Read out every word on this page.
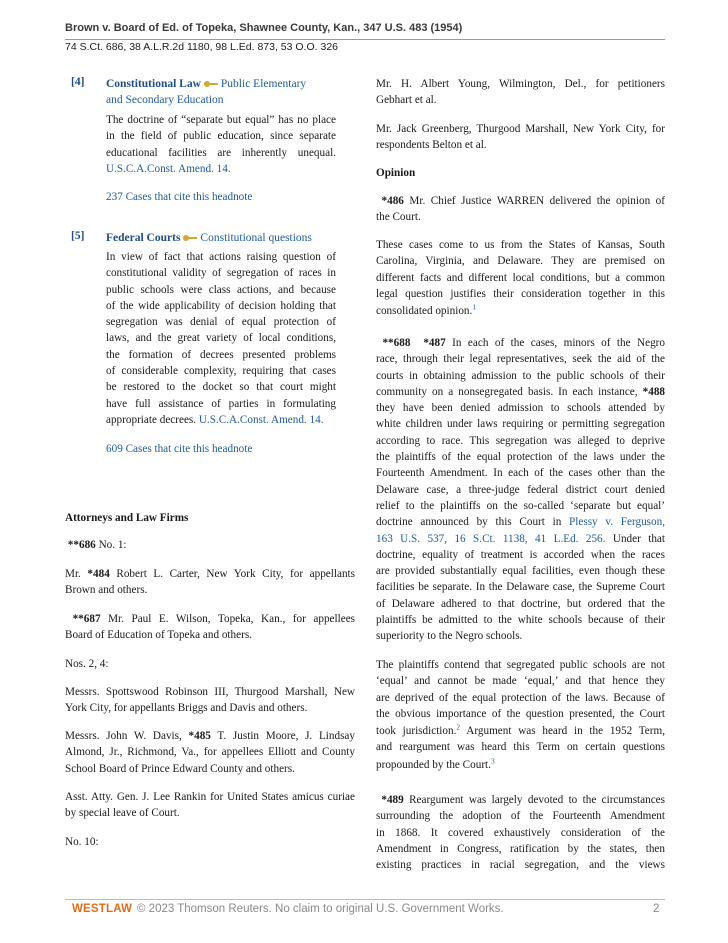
Brown v. Board of Ed. of Topeka, Shawnee County, Kan., 347 U.S. 483 (1954)
74 S.Ct. 686, 38 A.L.R.2d 1180, 98 L.Ed. 873, 53 O.O. 326
[4] Constitutional Law Public Elementary
and Secondary Education
The doctrine of “separate but equal” has no place
in the field of public education, since separate
educational facilities are inherently unequal.
U.S.C.A.Const. Amend. 14.
237 Cases that cite this headnote
[5] Federal Courts Constitutional questions
In view of fact that actions raising question of
constitutional validity of segregation of races in
public schools were class actions, and because
of the wide applicability of decision holding that
segregation was denial of equal protection of
laws, and the great variety of local conditions,
the formation of decrees presented problems
of considerable complexity, requiring that cases
be restored to the docket so that court might
have full assistance of parties in formulating
appropriate decrees. U.S.C.A.Const. Amend. 14.
609 Cases that cite this headnote
Attorneys and Law Firms
**686 No. 1:
Mr. *484 Robert L. Carter, New York City, for appellants
Brown and others.
**687 Mr. Paul E. Wilson, Topeka, Kan., for appellees
Board of Education of Topeka and others.
Nos. 2, 4:
Messrs. Spottswood Robinson III, Thurgood Marshall, New
York City, for appellants Briggs and Davis and others.
Messrs. John W. Davis, *485 T. Justin Moore, J. Lindsay
Almond, Jr., Richmond, Va., for appellees Elliott and County
School Board of Prince Edward County and others.
Asst. Atty. Gen. J. Lee Rankin for United States amicus curiae
by special leave of Court.
No. 10:
Mr. H. Albert Young, Wilmington, Del., for petitioners
Gebhart et al.
Mr. Jack Greenberg, Thurgood Marshall, New York City, for
respondents Belton et al.
Opinion
*486 Mr. Chief Justice WARREN delivered the opinion of
the Court.
These cases come to us from the States of Kansas, South
Carolina, Virginia, and Delaware. They are premised on
different facts and different local conditions, but a common
legal question justifies their consideration together in this
consolidated opinion.$^1$
**688 *487 In each of the cases, minors of the Negro
race, through their legal representatives, seek the aid of the
courts in obtaining admission to the public schools of their
community on a nonsegregated basis. In each instance, *488
they have been denied admission to schools attended by
white children under laws requiring or permitting segregation
according to race. This segregation was alleged to deprive
the plaintiffs of the equal protection of the laws under the
Fourteenth Amendment. In each of the cases other than the
Delaware case, a three-judge federal district court denied
relief to the plaintiffs on the so-called ‘separate but equal’
doctrine announced by this Court in Plessy v. Ferguson,
163 U.S. 537, 16 S.Ct. 1138, 41 L.Ed. 256. Under that
doctrine, equality of treatment is accorded when the races
are provided substantially equal facilities, even though these
facilities be separate. In the Delaware case, the Supreme Court
of Delaware adhered to that doctrine, but ordered that the
plaintiffs be admitted to the white schools because of their
superiority to the Negro schools.
The plaintiffs contend that segregated public schools are not
‘equal’ and cannot be made ‘equal,’ and that hence they
are deprived of the equal protection of the laws. Because of
the obvious importance of the question presented, the Court
took jurisdiction.$^2$ Argument was heard in the 1952 Term,
and reargument was heard this Term on certain questions
propounded by the Court.$^3$
*489 Reargument was largely devoted to the circumstances
surrounding the adoption of the Fourteenth Amendment
in 1868. It covered exhaustively consideration of the
Amendment in Congress, ratification by the states, then
existing practices in racial segregation, and the views
WESTLAW © 2023 Thomson Reuters. No claim to original U.S. Government Works.	2
